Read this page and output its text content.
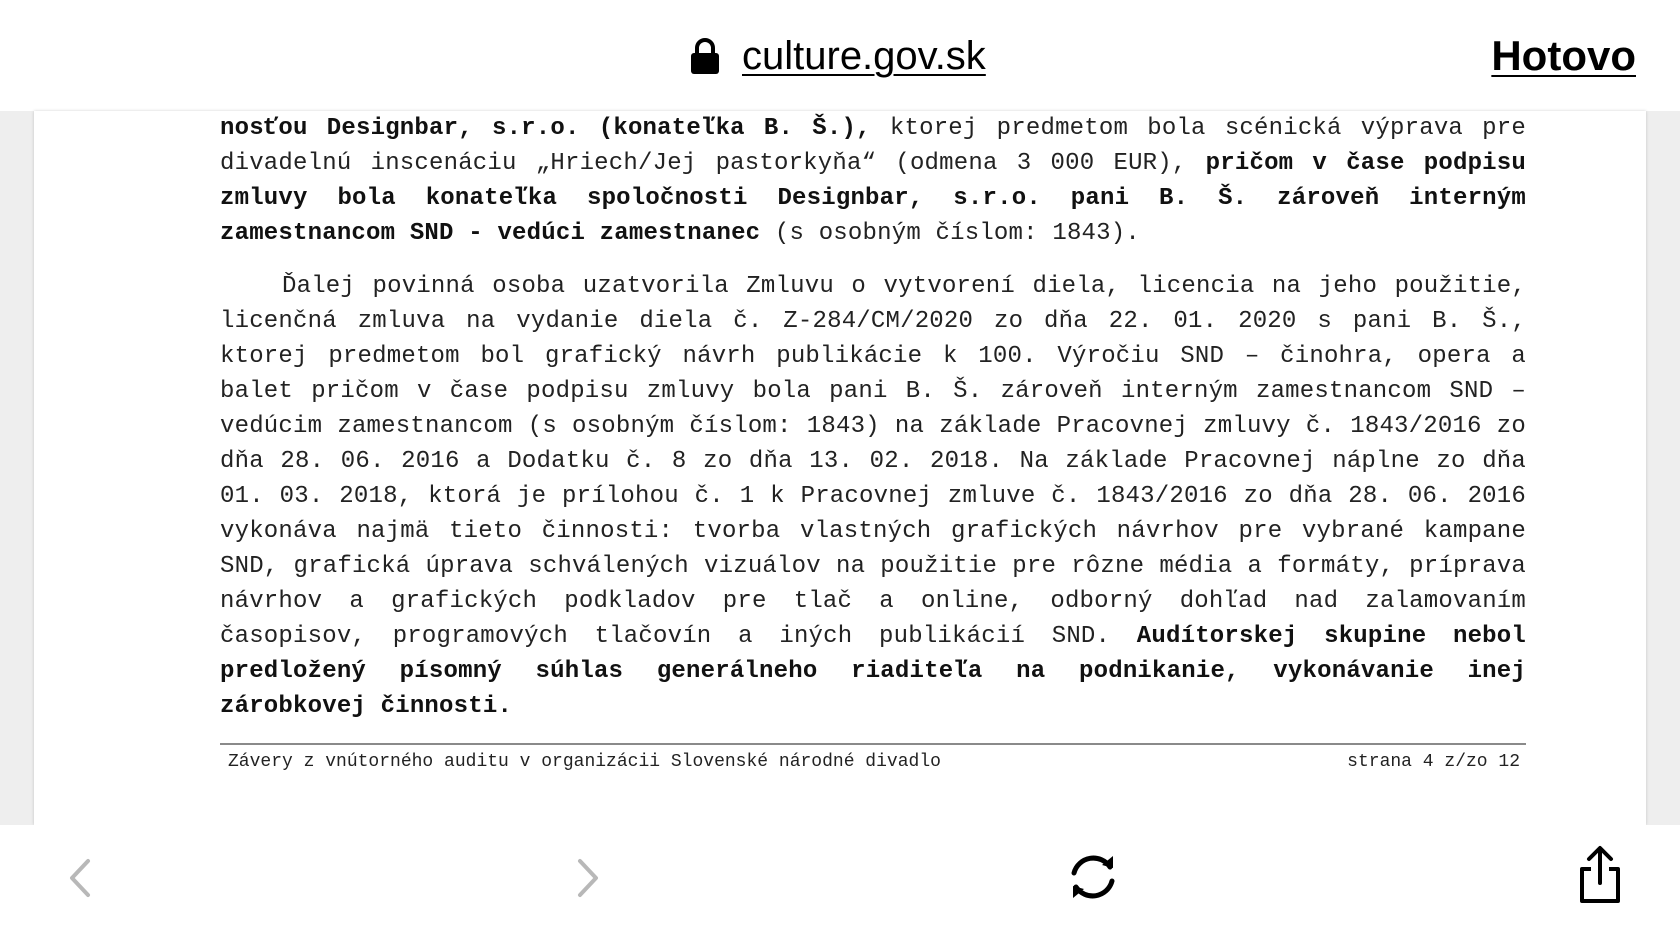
culture.gov.sk	Hotovo

nosťou Designbar, s.r.o. (konateľka B. Š.), ktorej predmetom bola scénická výprava pre divadelnú inscenáciu „Hriech/Jej pastorkyňa“ (odmena 3 000 EUR), pričom v čase podpisu zmluvy bola konateľka spoločnosti Designbar, s.r.o. pani B. Š. zároveň interným zamestnancom SND - vedúci zamestnanec (s osobným číslom: 1843).

Ďalej povinná osoba uzatvorila Zmluvu o vytvorení diela, licencia na jeho použitie, licenčná zmluva na vydanie diela č. Z-284/CM/2020 zo dňa 22. 01. 2020 s pani B. Š., ktorej predmetom bol grafický návrh publikácie k 100. Výročiu SND – činohra, opera a balet pričom v čase podpisu zmluvy bola pani B. Š. zároveň interným zamestnancom SND – vedúcim zamestnancom (s osobným číslom: 1843) na základe Pracovnej zmluvy č. 1843/2016 zo dňa 28. 06. 2016 a Dodatku č. 8 zo dňa 13. 02. 2018. Na základe Pracovnej náplne zo dňa 01. 03. 2018, ktorá je prílohou č. 1 k Pracovnej zmluve č. 1843/2016 zo dňa 28. 06. 2016 vykonáva najmä tieto činnosti: tvorba vlastných grafických návrhov pre vybrané kampane SND, grafická úprava schválených vizuálov na použitie pre rôzne média a formáty, príprava návrhov a grafických podkladov pre tlač a online, odborný dohľad nad zalamovaním časopisov, programových tlačovín a iných publikácií SND. Audítorskej skupine nebol predložený písomný súhlas generálneho riaditeľa na podnikanie, vykonávanie inej zárobkovej činnosti.

Závery z vnútorného auditu v organizácii Slovenské národné divadlo	strana 4 z/zo 12
